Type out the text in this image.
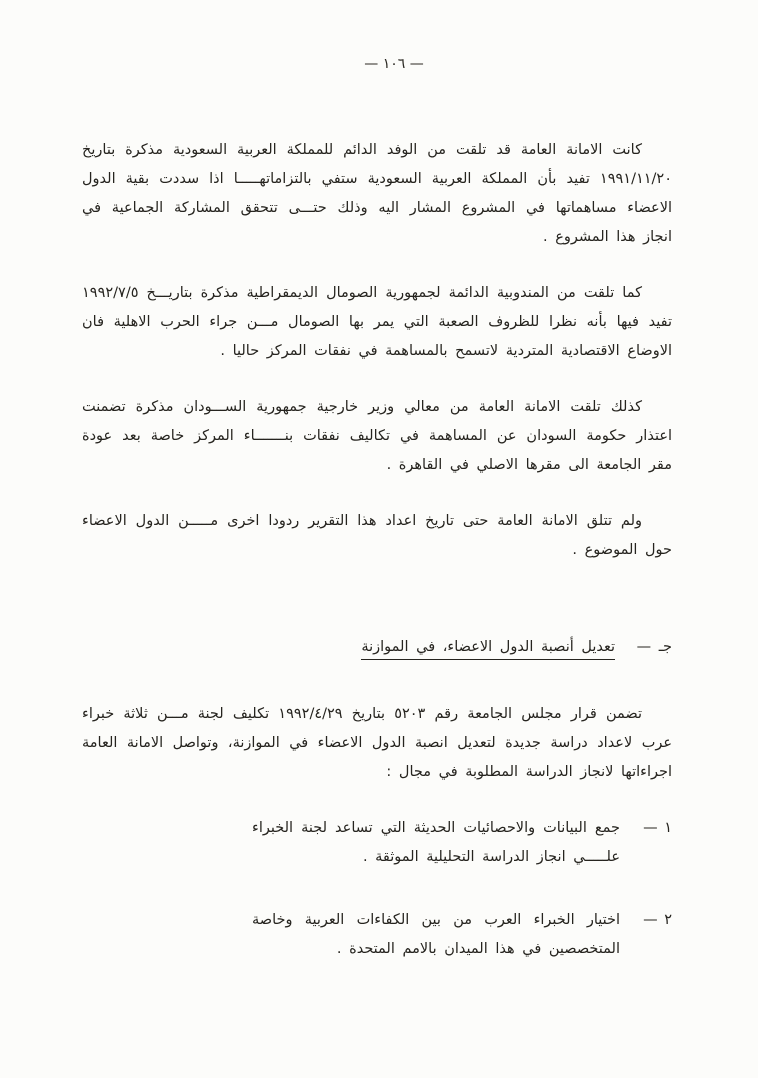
— ١٠٦ —

كانت الامانة العامة قد تلقت من الوفد الدائم للمملكة العربية السعودية مذكرة بتاريخ ١٩٩١/١١/٢٠ تفيد بأن المملكة العربية السعودية ستفي بالتزاماتهـــــا اذا سددت بقية الدول الاعضاء مساهماتها في المشروع المشار اليه وذلك حتـــى تتحقق المشاركة الجماعية في انجاز هذا المشروع .

كما تلقت من المندوبية الدائمة لجمهورية الصومال الديمقراطية مذكرة بتاريـــخ ١٩٩٢/٧/٥ تفيد فيها بأنه نظرا للظروف الصعبة التي يمر بها الصومال مـــن جراء الحرب الاهلية فان الاوضاع الاقتصادية المتردية لاتسمح بالمساهمة في نفقات المركز حاليا .

كذلك تلقت الامانة العامة من معالي وزير خارجية جمهورية الســـودان مذكرة تضمنت اعتذار حكومة السودان عن المساهمة في تكاليف نفقات بنـــــــاء المركز خاصة بعد عودة مقر الجامعة الى مقرها الاصلي في القاهرة .

ولم تتلق الامانة العامة حتى تاريخ اعداد هذا التقرير ردودا اخرى مـــــن الدول الاعضاء حول الموضوع .

جـ — تعديل أنصبة الدول الاعضاء، في الموازنة

تضمن قرار مجلس الجامعة رقم ٥٢٠٣ بتاريخ ١٩٩٢/٤/٢٩ تكليف لجنة مـــن ثلاثة خبراء عرب لاعداد دراسة جديدة لتعديل انصبة الدول الاعضاء في الموازنة، وتواصل الامانة العامة اجراءاتها لانجاز الدراسة المطلوبة في مجال :

١ —

جمع البيانات والاحصائيات الحديثة التي تساعد لجنة الخبراء علـــــي انجاز الدراسة التحليلية الموثقة .

٢ —

اختيار الخبراء العرب من بين الكفاءات العربية وخاصة المتخصصين في هذا الميدان بالامم المتحدة .
